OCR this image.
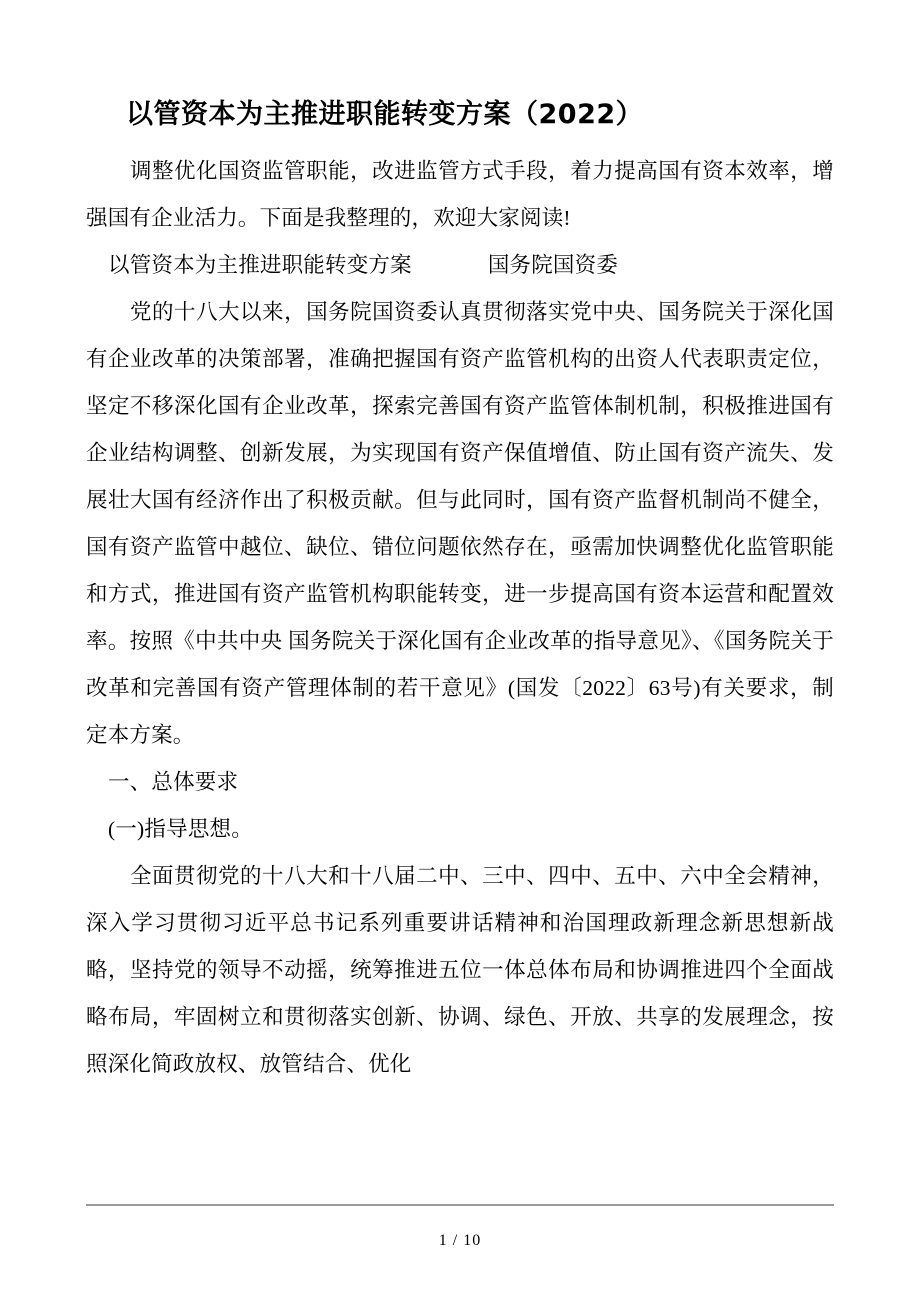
以管资本为主推进职能转变方案（2022）

调整优化国资监管职能，改进监管方式手段，着力提高国有资本效率，增强国有企业活力。下面是我整理的，欢迎大家阅读!

以管资本为主推进职能转变方案	国务院国资委

党的十八大以来，国务院国资委认真贯彻落实党中央、国务院关于深化国有企业改革的决策部署，准确把握国有资产监管机构的出资人代表职责定位，坚定不移深化国有企业改革，探索完善国有资产监管体制机制，积极推进国有企业结构调整、创新发展，为实现国有资产保值增值、防止国有资产流失、发展壮大国有经济作出了积极贡献。但与此同时，国有资产监督机制尚不健全，国有资产监管中越位、缺位、错位问题依然存在，亟需加快调整优化监管职能和方式，推进国有资产监管机构职能转变，进一步提高国有资本运营和配置效率。按照《中共中央 国务院关于深化国有企业改革的指导意见》、《国务院关于改革和完善国有资产管理体制的若干意见》(国发〔2022〕63号)有关要求，制定本方案。

一、总体要求

(一)指导思想。

全面贯彻党的十八大和十八届二中、三中、四中、五中、六中全会精神，深入学习贯彻习近平总书记系列重要讲话精神和治国理政新理念新思想新战略，坚持党的领导不动摇，统筹推进五位一体总体布局和协调推进四个全面战略布局，牢固树立和贯彻落实创新、协调、绿色、开放、共享的发展理念，按照深化简政放权、放管结合、优化

1 / 10
